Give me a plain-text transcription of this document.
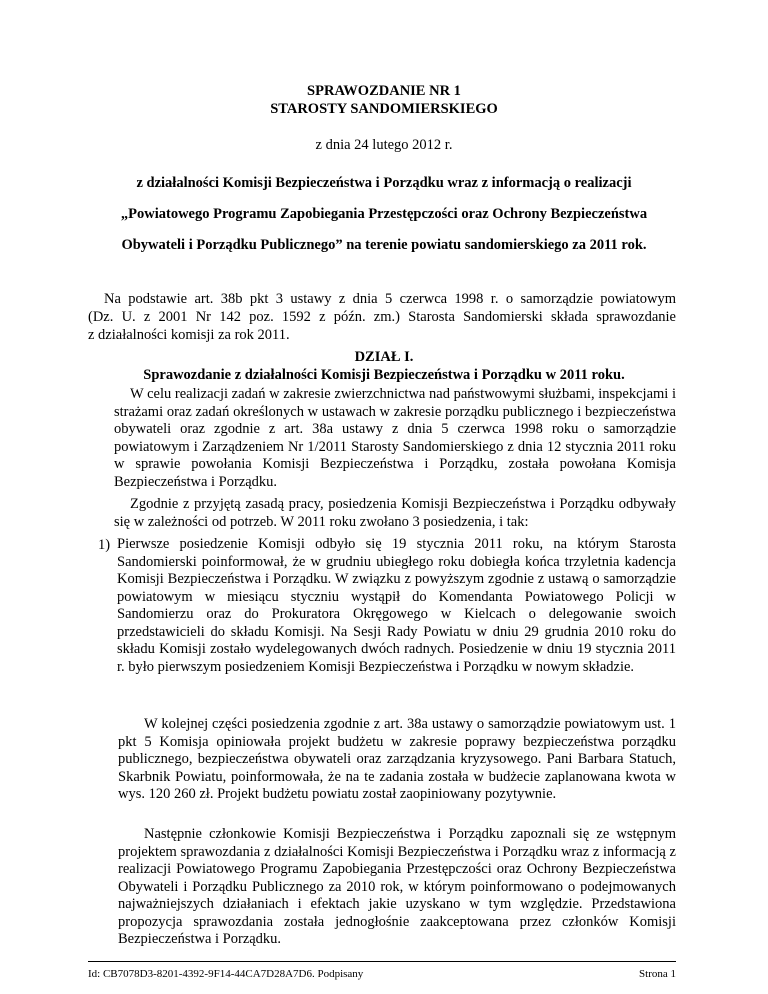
SPRAWOZDANIE NR 1
STAROSTY SANDOMIERSKIEGO
z dnia 24 lutego 2012 r.
z działalności Komisji Bezpieczeństwa i Porządku wraz z informacją o realizacji
„Powiatowego Programu Zapobiegania Przestępczości oraz Ochrony Bezpieczeństwa
Obywateli i Porządku Publicznego” na terenie powiatu sandomierskiego za 2011 rok.
Na podstawie art. 38b pkt 3 ustawy z dnia 5 czerwca 1998 r. o samorządzie powiatowym
(Dz. U. z 2001 Nr 142 poz. 1592 z późn. zm.) Starosta Sandomierski składa sprawozdanie
z działalności komisji za rok 2011.
DZIAŁ I.
Sprawozdanie z działalności Komisji Bezpieczeństwa i Porządku w 2011 roku.
W celu realizacji zadań w zakresie zwierzchnictwa nad państwowymi służbami, inspekcjami i strażami oraz zadań określonych w ustawach w zakresie porządku publicznego i bezpieczeństwa obywateli oraz zgodnie z art. 38a ustawy z dnia 5 czerwca 1998 roku o samorządzie powiatowym i Zarządzeniem Nr 1/2011 Starosty Sandomierskiego z dnia 12 stycznia 2011 roku w sprawie powołania Komisji Bezpieczeństwa i Porządku, została powołana Komisja Bezpieczeństwa i Porządku.
Zgodnie z przyjętą zasadą pracy, posiedzenia Komisji Bezpieczeństwa i Porządku odbywały się w zależności od potrzeb. W 2011 roku zwołano 3 posiedzenia, i tak:
1) Pierwsze posiedzenie Komisji odbyło się 19 stycznia 2011 roku, na którym Starosta Sandomierski poinformował, że w grudniu ubiegłego roku dobiegła końca trzyletnia kadencja Komisji Bezpieczeństwa i Porządku. W związku z powyższym zgodnie z ustawą o samorządzie powiatowym w miesiącu styczniu wystąpił do Komendanta Powiatowego Policji w Sandomierzu oraz do Prokuratora Okręgowego w Kielcach o delegowanie swoich przedstawicieli do składu Komisji. Na Sesji Rady Powiatu w dniu 29 grudnia 2010 roku do składu Komisji zostało wydelegowanych dwóch radnych. Posiedzenie w dniu 19 stycznia 2011 r. było pierwszym posiedzeniem Komisji Bezpieczeństwa i Porządku w nowym składzie.
W kolejnej części posiedzenia zgodnie z art. 38a ustawy o samorządzie powiatowym ust. 1 pkt 5 Komisja opiniowała projekt budżetu w zakresie poprawy bezpieczeństwa porządku publicznego, bezpieczeństwa obywateli oraz zarządzania kryzysowego. Pani Barbara Statuch, Skarbnik Powiatu, poinformowała, że na te zadania została w budżecie zaplanowana kwota w wys. 120 260 zł. Projekt budżetu powiatu został zaopiniowany pozytywnie.
Następnie członkowie Komisji Bezpieczeństwa i Porządku zapoznali się ze wstępnym projektem sprawozdania z działalności Komisji Bezpieczeństwa i Porządku wraz z informacją z realizacji Powiatowego Programu Zapobiegania Przestępczości oraz Ochrony Bezpieczeństwa Obywateli i Porządku Publicznego za 2010 rok, w którym poinformowano o podejmowanych najważniejszych działaniach i efektach jakie uzyskano w tym względzie. Przedstawiona propozycja sprawozdania została jednogłośnie zaakceptowana przez członków Komisji Bezpieczeństwa i Porządku.
Id: CB7078D3-8201-4392-9F14-44CA7D28A7D6. Podpisany	Strona 1
